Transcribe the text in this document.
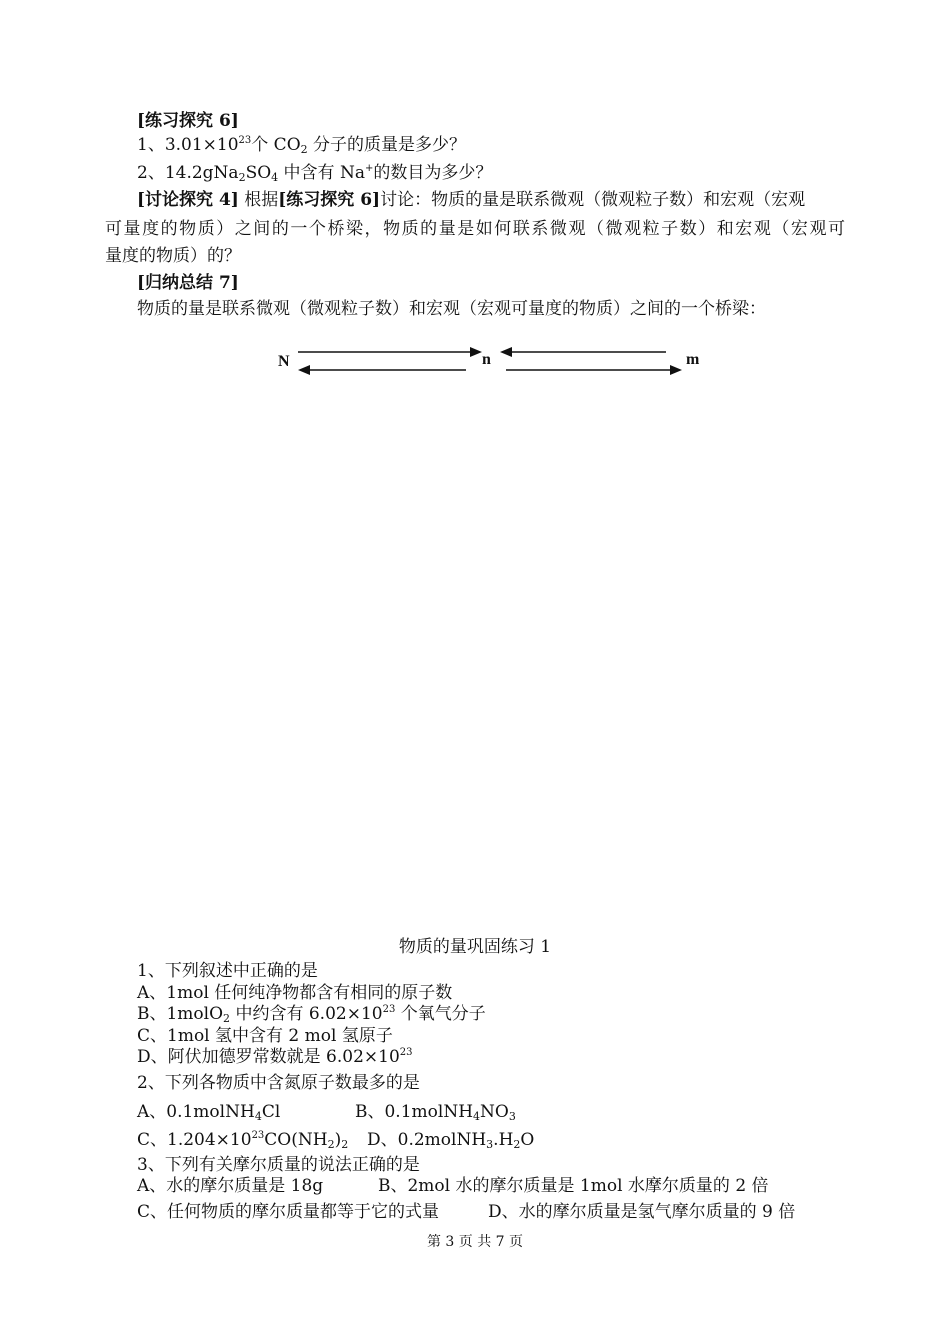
[练习探究 6]
1、$3.01\times 10^{23}$个 $CO_2$ 分子的质量是多少？
2、$14.2gNa_2SO_4$ 中含有 Na+的数目为多少？
[讨论探究 4] 根据[练习探究 6]讨论：物质的量是联系微观（微观粒子数）和宏观（宏观
可量度的物质）之间的一个桥梁，物质的量是如何联系微观（微观粒子数）和宏观（宏观可
量度的物质）的？
[归纳总结 7]
物质的量是联系微观（微观粒子数）和宏观（宏观可量度的物质）之间的一个桥梁：
N	n	m
物质的量巩固练习 1
1、下列叙述中正确的是
A、1mol 任何纯净物都含有相同的原子数
B、1molO$_2$ 中约含有 $6.02\times 10^{23}$ 个氧气分子
C、1mol 氢中含有 2 mol 氢原子
D、阿伏加德罗常数就是 $6.02\times 10^{23}$
2、下列各物质中含氮原子数最多的是
A、0.1molNH$_4$Cl	B、$0.1molNH_4NO_3$
C、$1.204\times 10^{23}CO(NH_2)_2$ D、$0.2molNH_3.H_2O$
3、下列有关摩尔质量的说法正确的是
A、水的摩尔质量是 18g	B、2mol 水的摩尔质量是 1mol 水摩尔质量的 2 倍
C、任何物质的摩尔质量都等于它的式量	D、水的摩尔质量是氢气摩尔质量的 9 倍
第 3 页 共 7 页
